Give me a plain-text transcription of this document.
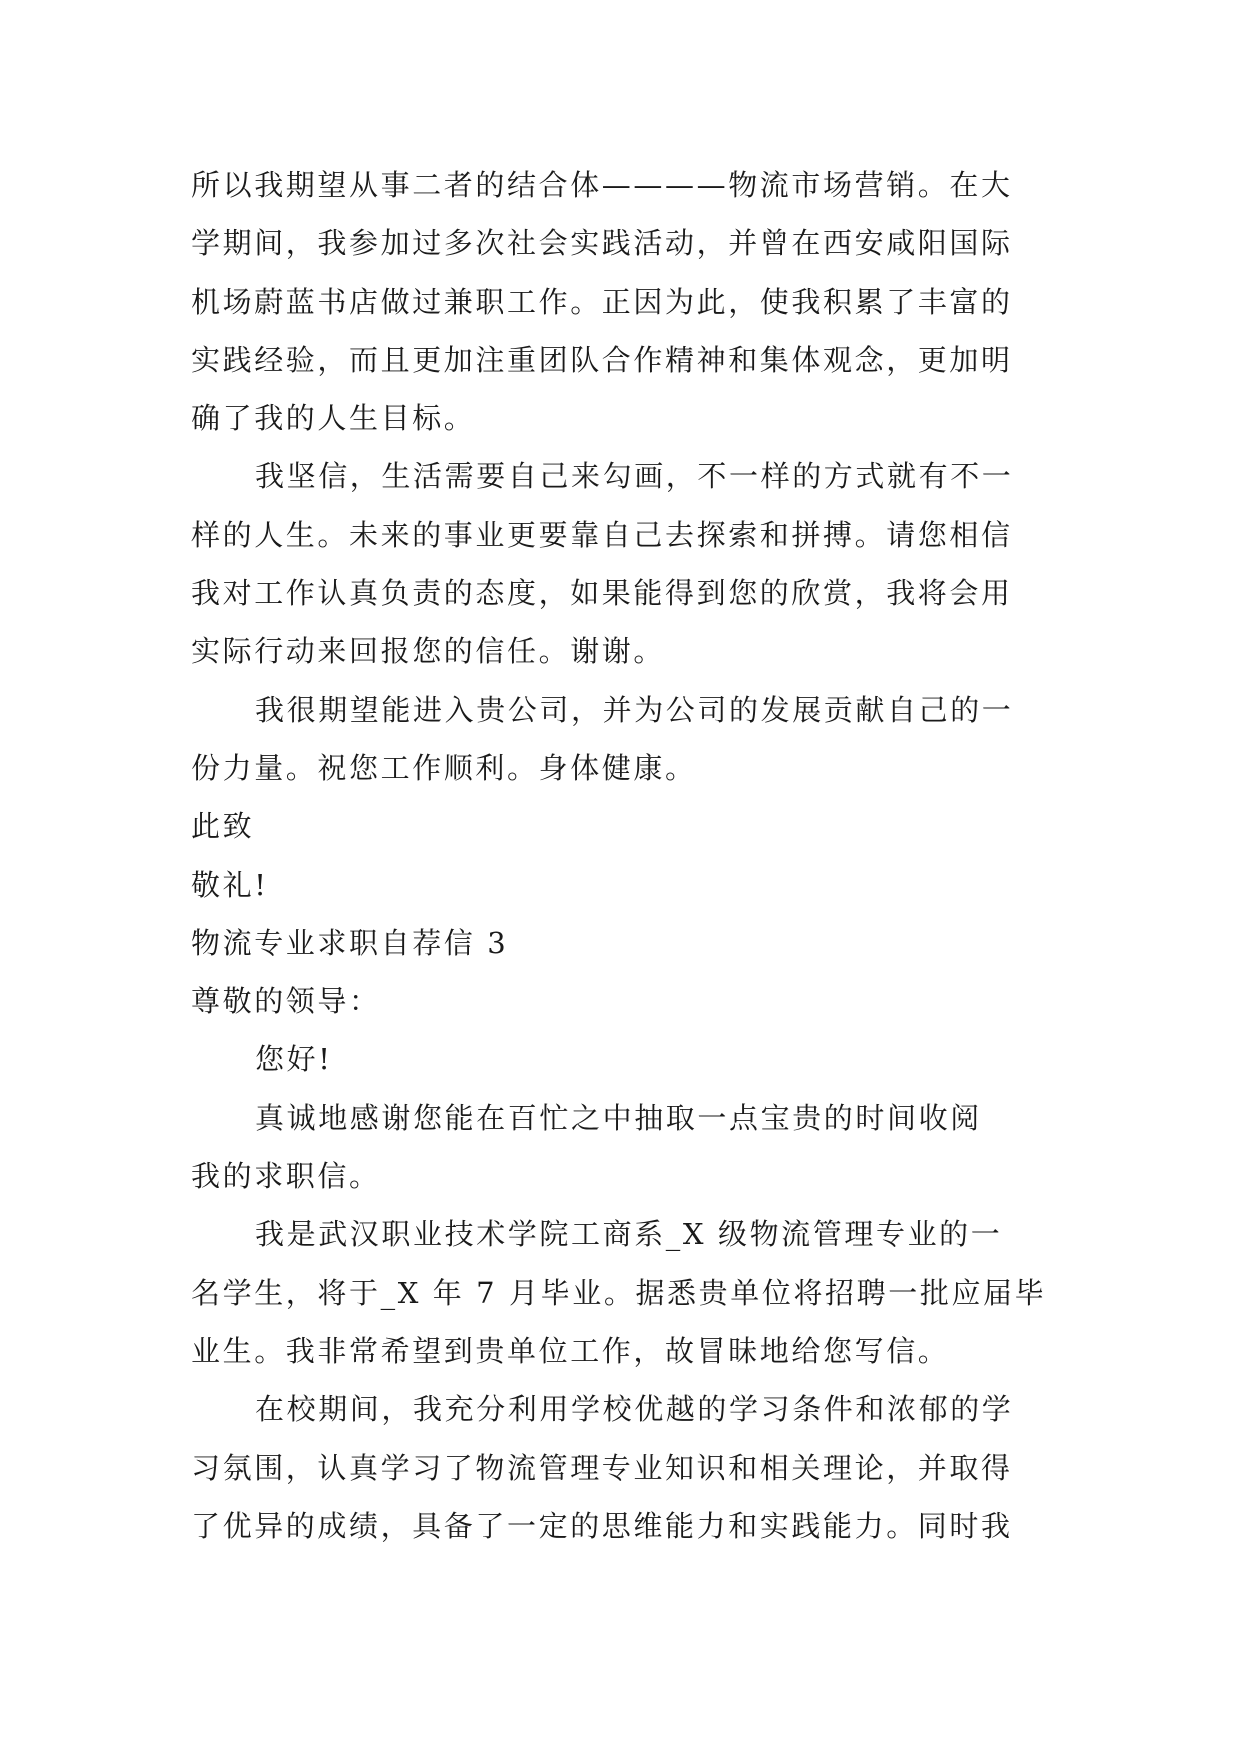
所以我期望从事二者的结合体————物流市场营销。在大
学期间，我参加过多次社会实践活动，并曾在西安咸阳国际
机场蔚蓝书店做过兼职工作。正因为此，使我积累了丰富的
实践经验，而且更加注重团队合作精神和集体观念，更加明
确了我的人生目标。
我坚信，生活需要自己来勾画，不一样的方式就有不一
样的人生。未来的事业更要靠自己去探索和拼搏。请您相信
我对工作认真负责的态度，如果能得到您的欣赏，我将会用
实际行动来回报您的信任。谢谢。
我很期望能进入贵公司，并为公司的发展贡献自己的一
份力量。祝您工作顺利。身体健康。
此致
敬礼!
物流专业求职自荐信 3
尊敬的领导：
您好!
真诚地感谢您能在百忙之中抽取一点宝贵的时间收阅
我的求职信。
我是武汉职业技术学院工商系_X 级物流管理专业的一
名学生，将于_X 年 7 月毕业。据悉贵单位将招聘一批应届毕
业生。我非常希望到贵单位工作，故冒昧地给您写信。
在校期间，我充分利用学校优越的学习条件和浓郁的学
习氛围，认真学习了物流管理专业知识和相关理论，并取得
了优异的成绩，具备了一定的思维能力和实践能力。同时我
